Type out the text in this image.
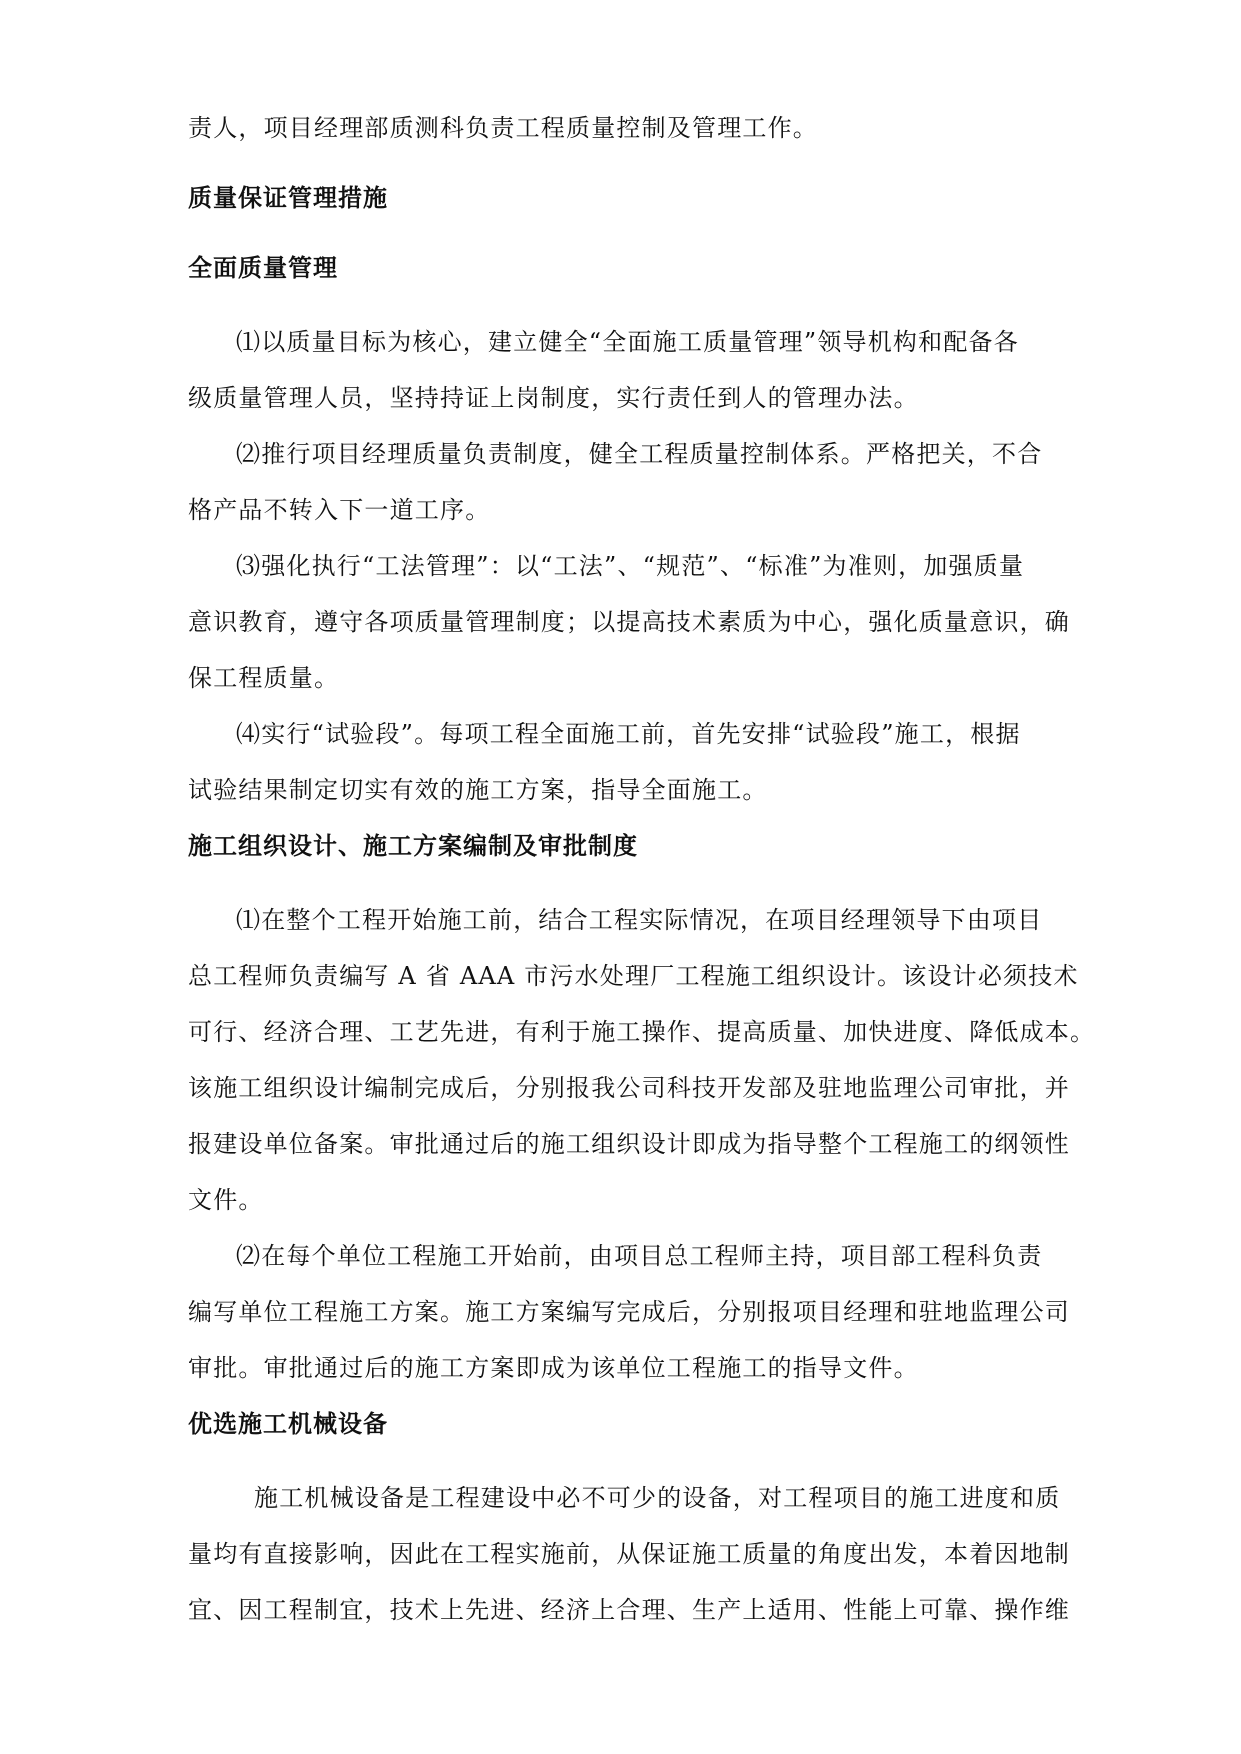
责人，项目经理部质测科负责工程质量控制及管理工作。
质量保证管理措施
全面质量管理
⑴以质量目标为核心，建立健全“全面施工质量管理”领导机构和配备各
级质量管理人员，坚持持证上岗制度，实行责任到人的管理办法。
⑵推行项目经理质量负责制度，健全工程质量控制体系。严格把关，不合
格产品不转入下一道工序。
⑶强化执行“工法管理”：以“工法”、“规范”、“标准”为准则，加强质量
意识教育，遵守各项质量管理制度；以提高技术素质为中心，强化质量意识，确
保工程质量。
⑷实行“试验段”。每项工程全面施工前，首先安排“试验段”施工，根据
试验结果制定切实有效的施工方案，指导全面施工。
施工组织设计、施工方案编制及审批制度
⑴在整个工程开始施工前，结合工程实际情况，在项目经理领导下由项目
总工程师负责编写 A 省 AAA 市污水处理厂工程施工组织设计。该设计必须技术
可行、经济合理、工艺先进，有利于施工操作、提高质量、加快进度、降低成本。
该施工组织设计编制完成后，分别报我公司科技开发部及驻地监理公司审批，并
报建设单位备案。审批通过后的施工组织设计即成为指导整个工程施工的纲领性
文件。
⑵在每个单位工程施工开始前，由项目总工程师主持，项目部工程科负责
编写单位工程施工方案。施工方案编写完成后，分别报项目经理和驻地监理公司
审批。审批通过后的施工方案即成为该单位工程施工的指导文件。
优选施工机械设备
施工机械设备是工程建设中必不可少的设备，对工程项目的施工进度和质
量均有直接影响，因此在工程实施前，从保证施工质量的角度出发，本着因地制
宜、因工程制宜，技术上先进、经济上合理、生产上适用、性能上可靠、操作维
